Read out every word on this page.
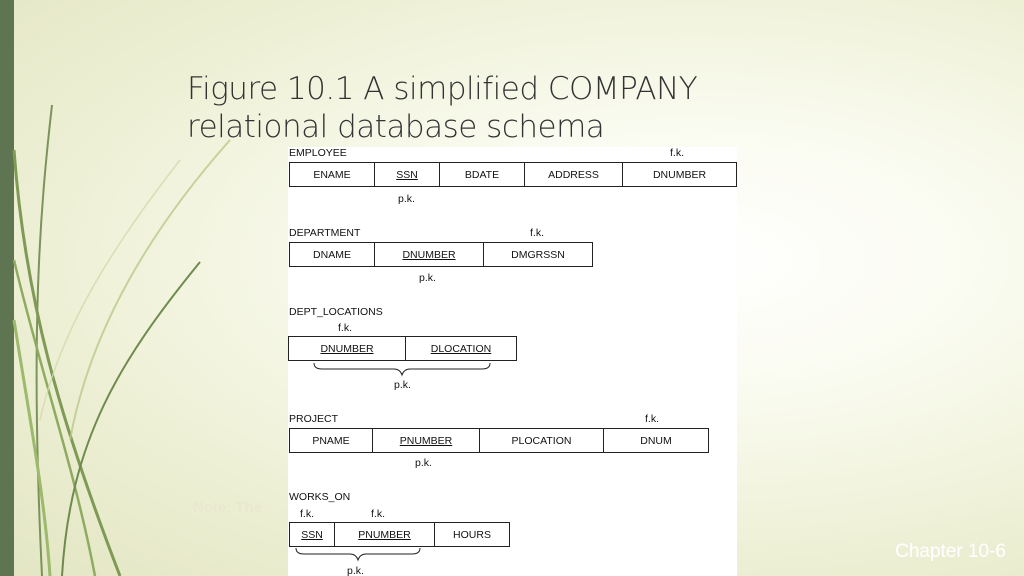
Figure 10.1 A simplified COMPANY
relational database schema
Note: The
EMPLOYEE	f.k.
ENAME	SSN	BDATE	ADDRESS	DNUMBER
p.k.
DEPARTMENT	f.k.
DNAME	DNUMBER	DMGRSSN
p.k.
DEPT_LOCATIONS
f.k.
DNUMBER	DLOCATION
p.k.
PROJECT	f.k.
PNAME	PNUMBER	PLOCATION	DNUM
p.k.
WORKS_ON
f.k.	f.k.
SSN	PNUMBER	HOURS
p.k.
Chapter 10-6
